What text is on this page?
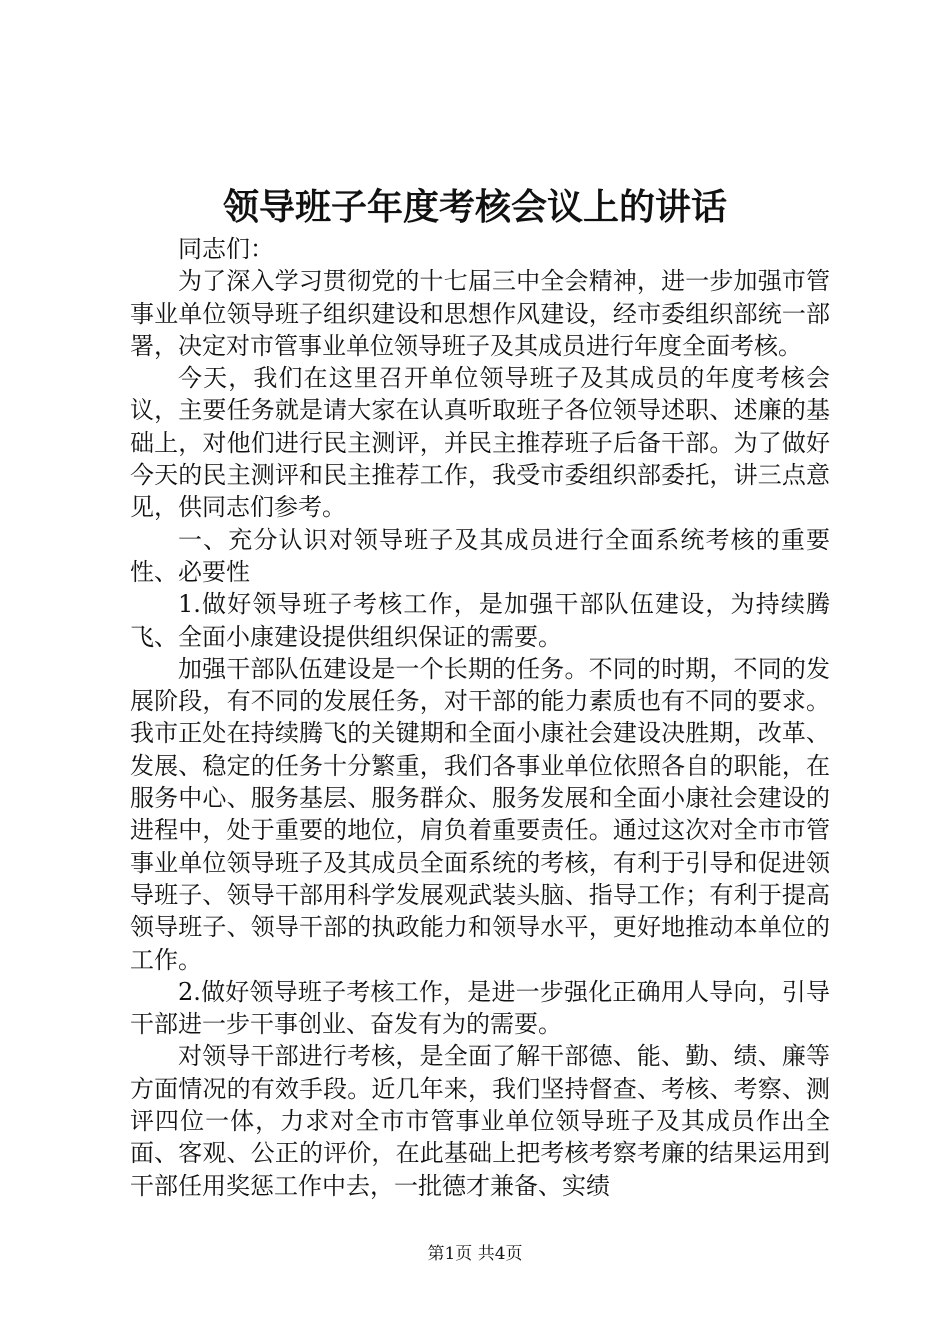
领导班子年度考核会议上的讲话

同志们：

为了深入学习贯彻党的十七届三中全会精神，进一步加强市管事业单位领导班子组织建设和思想作风建设，经市委组织部统一部署，决定对市管事业单位领导班子及其成员进行年度全面考核。

今天，我们在这里召开单位领导班子及其成员的年度考核会议，主要任务就是请大家在认真听取班子各位领导述职、述廉的基础上，对他们进行民主测评，并民主推荐班子后备干部。为了做好今天的民主测评和民主推荐工作，我受市委组织部委托，讲三点意见，供同志们参考。

一、充分认识对领导班子及其成员进行全面系统考核的重要性、必要性

1.做好领导班子考核工作，是加强干部队伍建设，为持续腾飞、全面小康建设提供组织保证的需要。

加强干部队伍建设是一个长期的任务。不同的时期，不同的发展阶段，有不同的发展任务，对干部的能力素质也有不同的要求。我市正处在持续腾飞的关键期和全面小康社会建设决胜期，改革、发展、稳定的任务十分繁重，我们各事业单位依照各自的职能，在服务中心、服务基层、服务群众、服务发展和全面小康社会建设的进程中，处于重要的地位，肩负着重要责任。通过这次对全市市管事业单位领导班子及其成员全面系统的考核，有利于引导和促进领导班子、领导干部用科学发展观武装头脑、指导工作；有利于提高领导班子、领导干部的执政能力和领导水平，更好地推动本单位的工作。

2.做好领导班子考核工作，是进一步强化正确用人导向，引导干部进一步干事创业、奋发有为的需要。

对领导干部进行考核，是全面了解干部德、能、勤、绩、廉等方面情况的有效手段。近几年来，我们坚持督查、考核、考察、测评四位一体，力求对全市市管事业单位领导班子及其成员作出全面、客观、公正的评价，在此基础上把考核考察考廉的结果运用到干部任用奖惩工作中去，一批德才兼备、实绩

第1页 共4页
